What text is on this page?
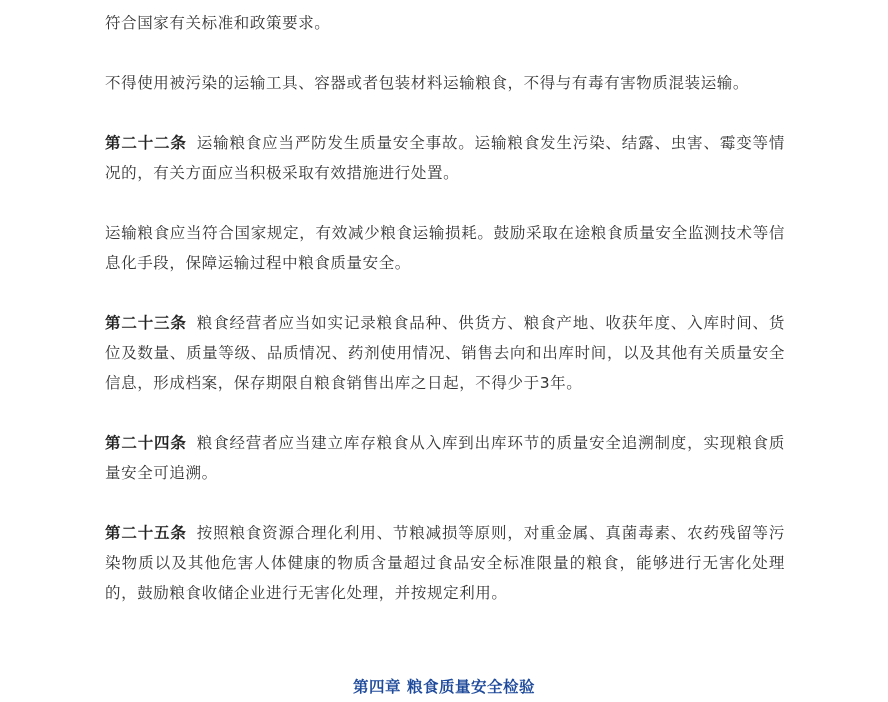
符合国家有关标准和政策要求。

不得使用被污染的运输工具、容器或者包装材料运输粮食，不得与有毒有害物质混装运输。

第二十二条 运输粮食应当严防发生质量安全事故。运输粮食发生污染、结露、虫害、霉变等情况的，有关方面应当积极采取有效措施进行处置。

运输粮食应当符合国家规定，有效减少粮食运输损耗。鼓励采取在途粮食质量安全监测技术等信息化手段，保障运输过程中粮食质量安全。

第二十三条 粮食经营者应当如实记录粮食品种、供货方、粮食产地、收获年度、入库时间、货位及数量、质量等级、品质情况、药剂使用情况、销售去向和出库时间，以及其他有关质量安全信息，形成档案，保存期限自粮食销售出库之日起，不得少于3年。

第二十四条 粮食经营者应当建立库存粮食从入库到出库环节的质量安全追溯制度，实现粮食质量安全可追溯。

第二十五条 按照粮食资源合理化利用、节粮减损等原则，对重金属、真菌毒素、农药残留等污染物质以及其他危害人体健康的物质含量超过食品安全标准限量的粮食，能够进行无害化处理的，鼓励粮食收储企业进行无害化处理，并按规定利用。

第四章 粮食质量安全检验
